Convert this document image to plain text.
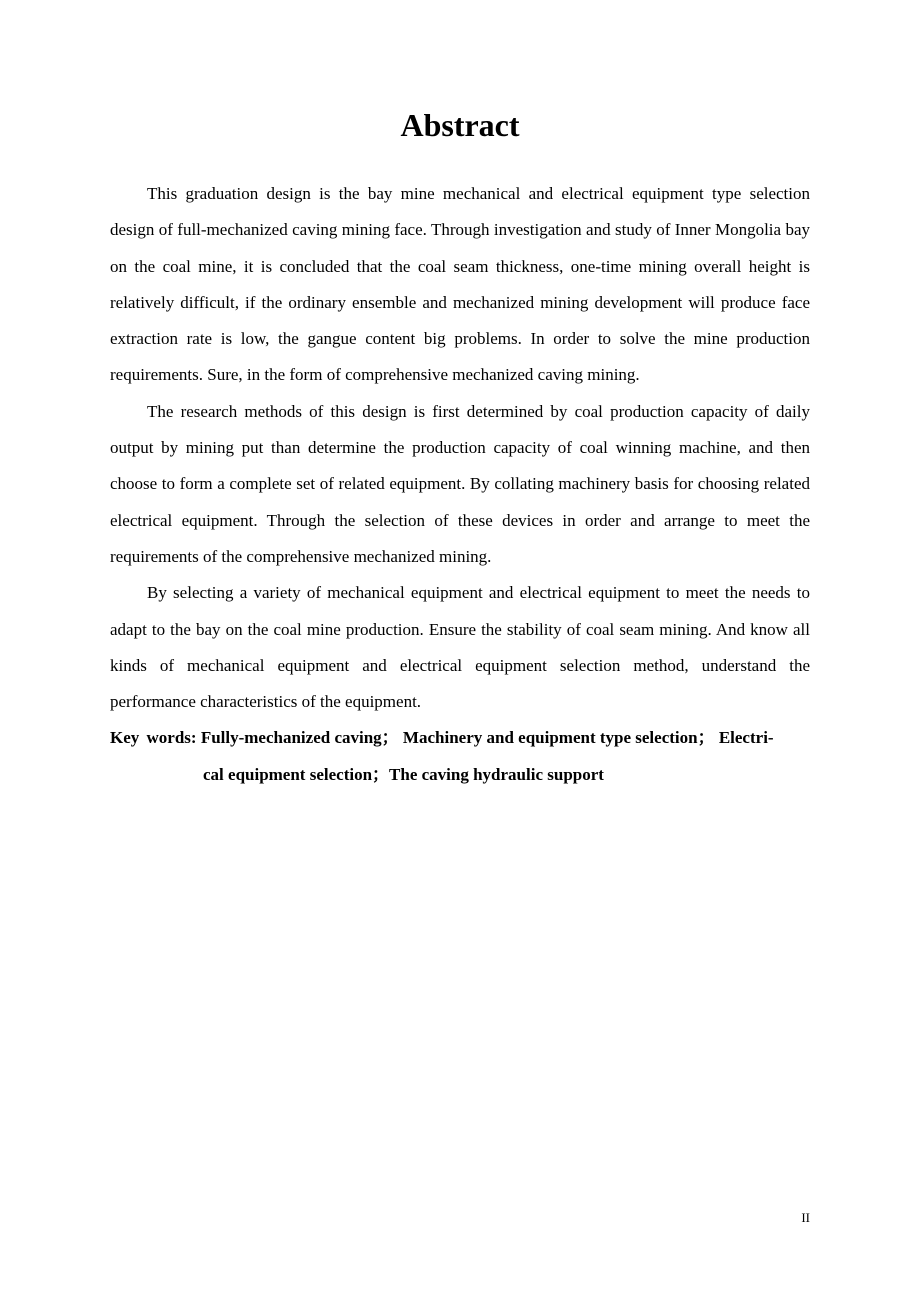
Abstract

This graduation design is the bay mine mechanical and electrical equipment type selection design of full-mechanized caving mining face. Through investigation and study of Inner Mongolia bay on the coal mine, it is concluded that the coal seam thickness, one-time mining overall height is relatively difficult, if the ordinary ensemble and mechanized mining development will produce face extraction rate is low, the gangue content big problems. In order to solve the mine production requirements. Sure, in the form of comprehensive mechanized caving mining.

The research methods of this design is first determined by coal production capacity of daily output by mining put than determine the production capacity of coal winning machine, and then choose to form a complete set of related equipment. By collating machinery basis for choosing related electrical equipment. Through the selection of these devices in order and arrange to meet the requirements of the comprehensive mechanized mining.

By selecting a variety of mechanical equipment and electrical equipment to meet the needs to adapt to the bay on the coal mine production. Ensure the stability of coal seam mining. And know all kinds of mechanical equipment and electrical equipment selection method, understand the performance characteristics of the equipment.

Key words: Fully-mechanized caving； Machinery and equipment type selection； Electri-

cal equipment selection；The caving hydraulic support

II
